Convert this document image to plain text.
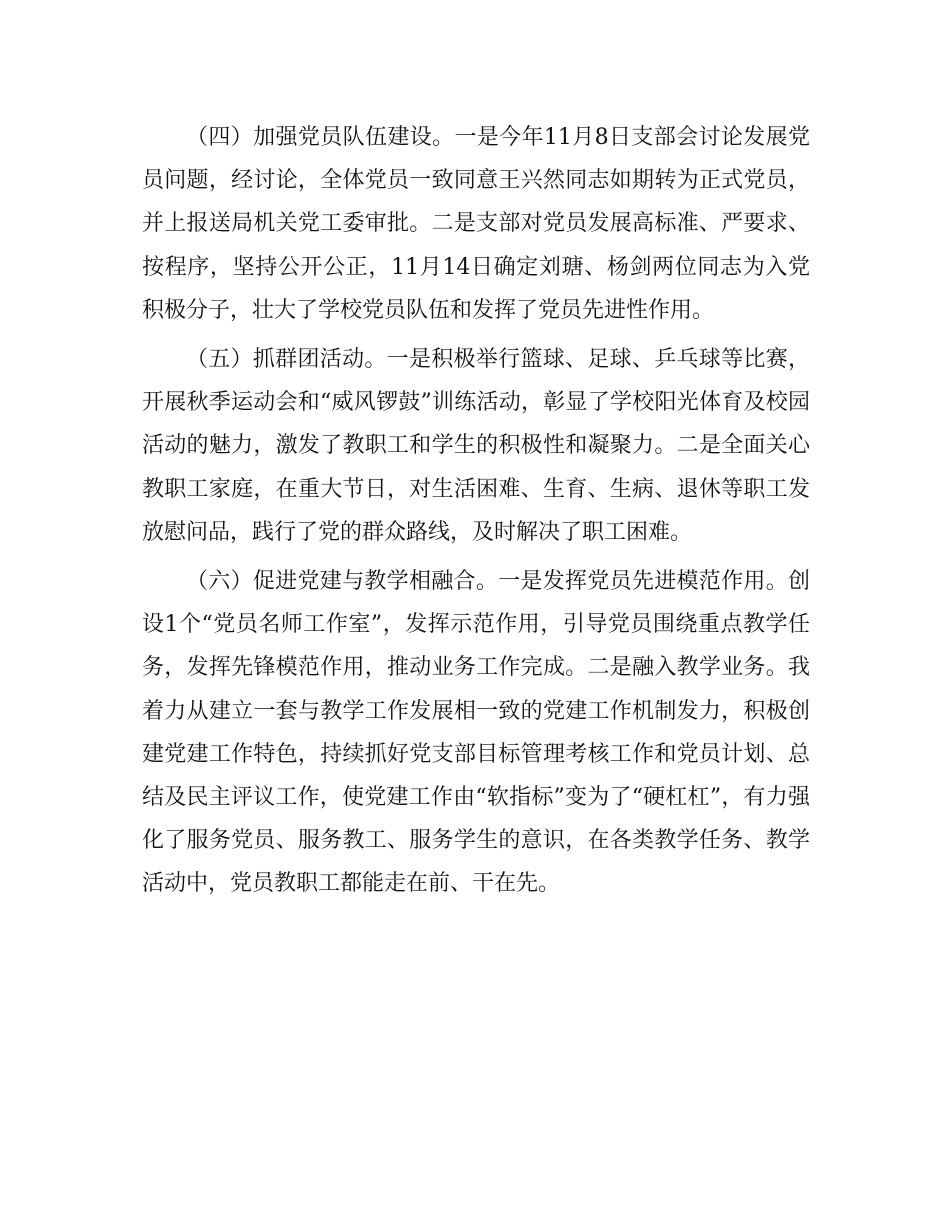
（四）加强党员队伍建设。一是今年11月8日支部会讨论发展党员问题，经讨论，全体党员一致同意王兴然同志如期转为正式党员，并上报送局机关党工委审批。二是支部对党员发展高标准、严要求、按程序，坚持公开公正，11月14日确定刘瑭、杨剑两位同志为入党积极分子，壮大了学校党员队伍和发挥了党员先进性作用。

（五）抓群团活动。一是积极举行篮球、足球、乒乓球等比赛，开展秋季运动会和“威风锣鼓”训练活动，彰显了学校阳光体育及校园活动的魅力，激发了教职工和学生的积极性和凝聚力。二是全面关心教职工家庭，在重大节日，对生活困难、生育、生病、退休等职工发放慰问品，践行了党的群众路线，及时解决了职工困难。

（六）促进党建与教学相融合。一是发挥党员先进模范作用。创设1个“党员名师工作室”，发挥示范作用，引导党员围绕重点教学任务，发挥先锋模范作用，推动业务工作完成。二是融入教学业务。我着力从建立一套与教学工作发展相一致的党建工作机制发力，积极创建党建工作特色，持续抓好党支部目标管理考核工作和党员计划、总结及民主评议工作，使党建工作由“软指标”变为了“硬杠杠”，有力强化了服务党员、服务教工、服务学生的意识，在各类教学任务、教学活动中，党员教职工都能走在前、干在先。
